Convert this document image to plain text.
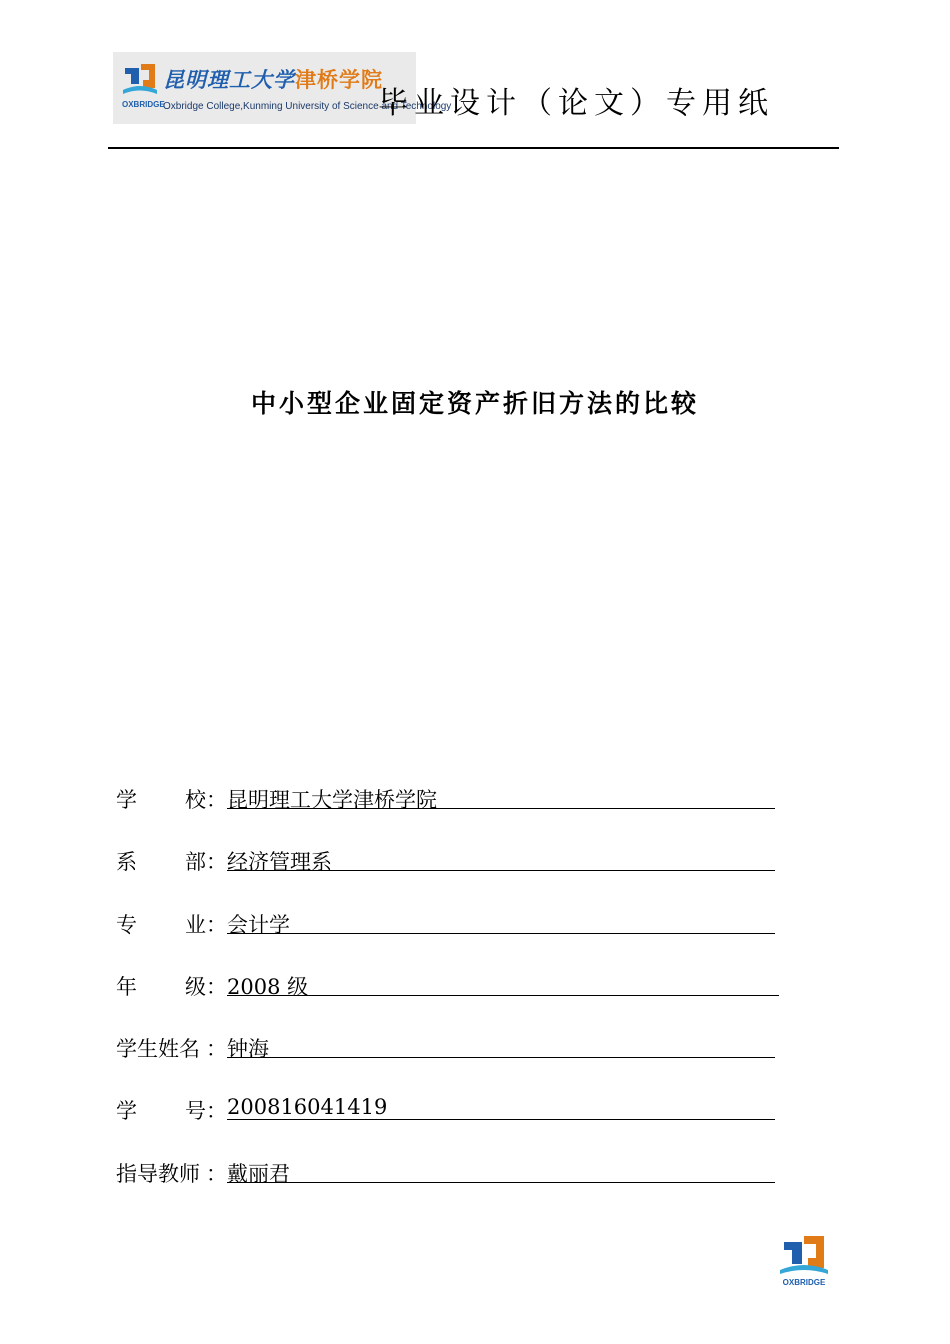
昆明理工大学津桥学院
OXBRIDGE
Oxbridge College,Kunming University of Science and Technology
毕业设计（论文）专用纸
中小型企业固定资产折旧方法的比较
学 校 ： 昆明理工大学津桥学院
系 部 ： 经济管理系
专 业 ： 会计学
年 级 ： 2008 级
学生姓名 ： 钟海
学 号 ： 200816041419
指导教师 ： 戴丽君
OXBRIDGE
